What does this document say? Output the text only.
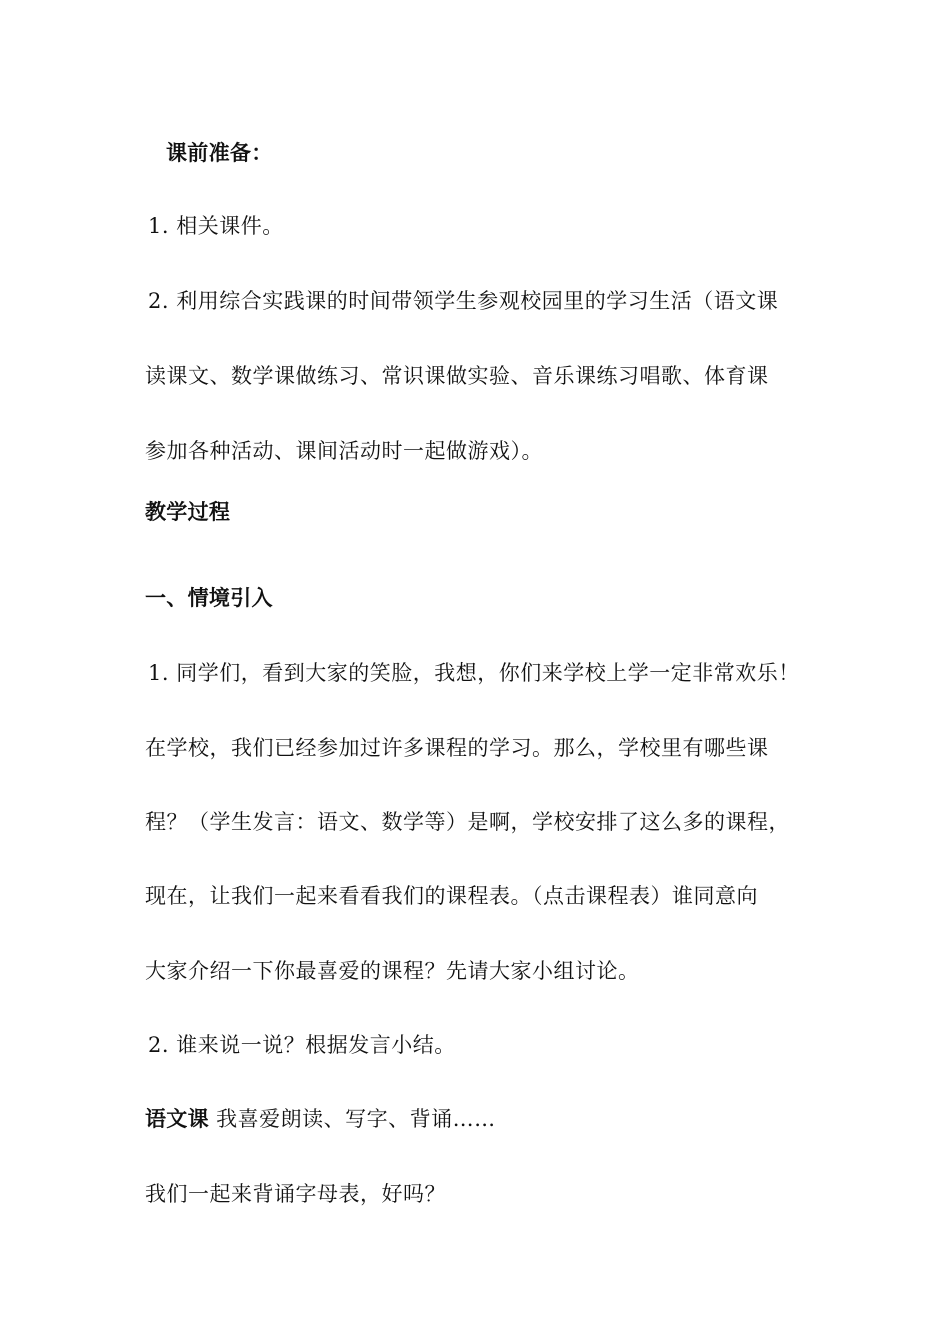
课前准备：
1. 相关课件。
2. 利用综合实践课的时间带领学生参观校园里的学习生活（语文课
读课文、数学课做练习、常识课做实验、音乐课练习唱歌、体育课
参加各种活动、课间活动时一起做游戏）。
教学过程
一、情境引入
1. 同学们，看到大家的笑脸，我想，你们来学校上学一定非常欢乐！
在学校，我们已经参加过许多课程的学习。那么，学校里有哪些课
程？（学生发言：语文、数学等）是啊，学校安排了这么多的课程，
现在，让我们一起来看看我们的课程表。（点击课程表）谁同意向
大家介绍一下你最喜爱的课程？先请大家小组讨论。
2. 谁来说一说？根据发言小结。
语文课 我喜爱朗读、写字、背诵……
我们一起来背诵字母表，好吗？
